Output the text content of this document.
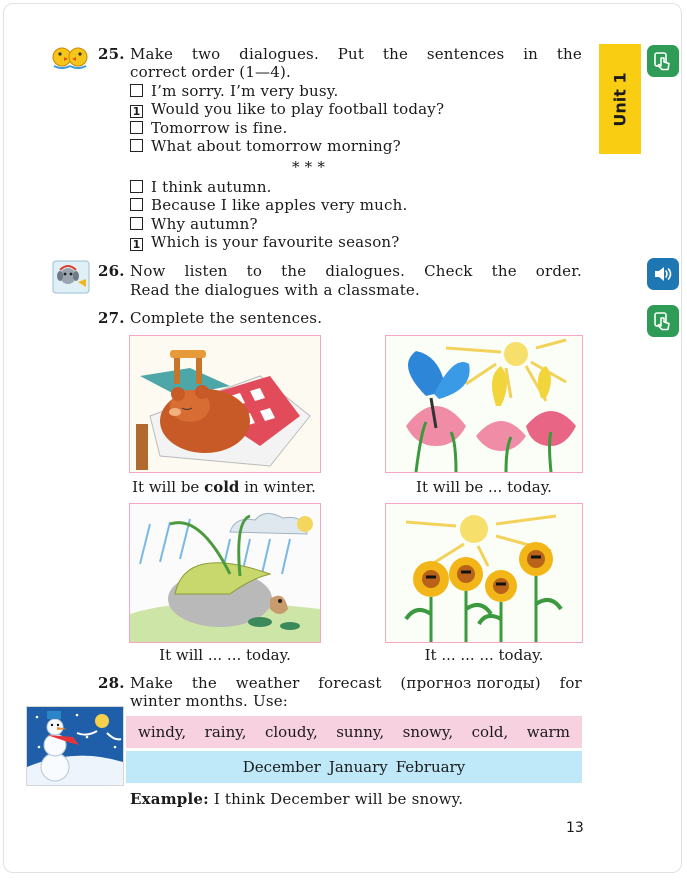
Unit 1
25. Make two dialogues. Put the sentences in the
correct order (1—4).
I’m sorry. I’m very busy.
1 Would you like to play football today?
Tomorrow is fine.
What about tomorrow morning?
* * *
I think autumn.
Because I like apples very much.
Why autumn?
1 Which is your favourite season?
26. Now listen to the dialogues. Check the order.
Read the dialogues with a classmate.
27. Complete the sentences.
It will be cold in winter.	It will be ... today.
It will ... ... today.	It ... ... ... today.
28. Make the weather forecast (прогноз погоды) for
winter months. Use:
windy, rainy, cloudy, sunny, snowy, cold, warm
December January February
Example: I think December will be snowy.
13
